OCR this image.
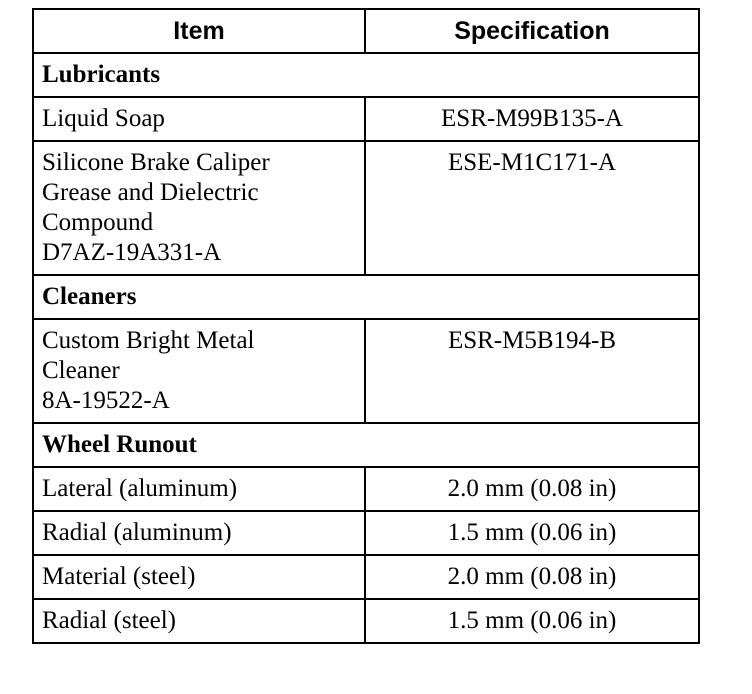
Item	Specification
Lubricants	

Liquid Soap	ESR-M99B135-A

Silicone Brake Caliper
Grease and Dielectric
Compound
D7AZ-19A331-A	ESE-M1C171-A
Cleaners	

Custom Bright Metal
Cleaner
8A-19522-A	ESR-M5B194-B
Wheel Runout	

Lateral (aluminum)	2.0 mm (0.08 in)

Radial (aluminum)	1.5 mm (0.06 in)

Material (steel)	2.0 mm (0.08 in)

Radial (steel)	1.5 mm (0.06 in)
